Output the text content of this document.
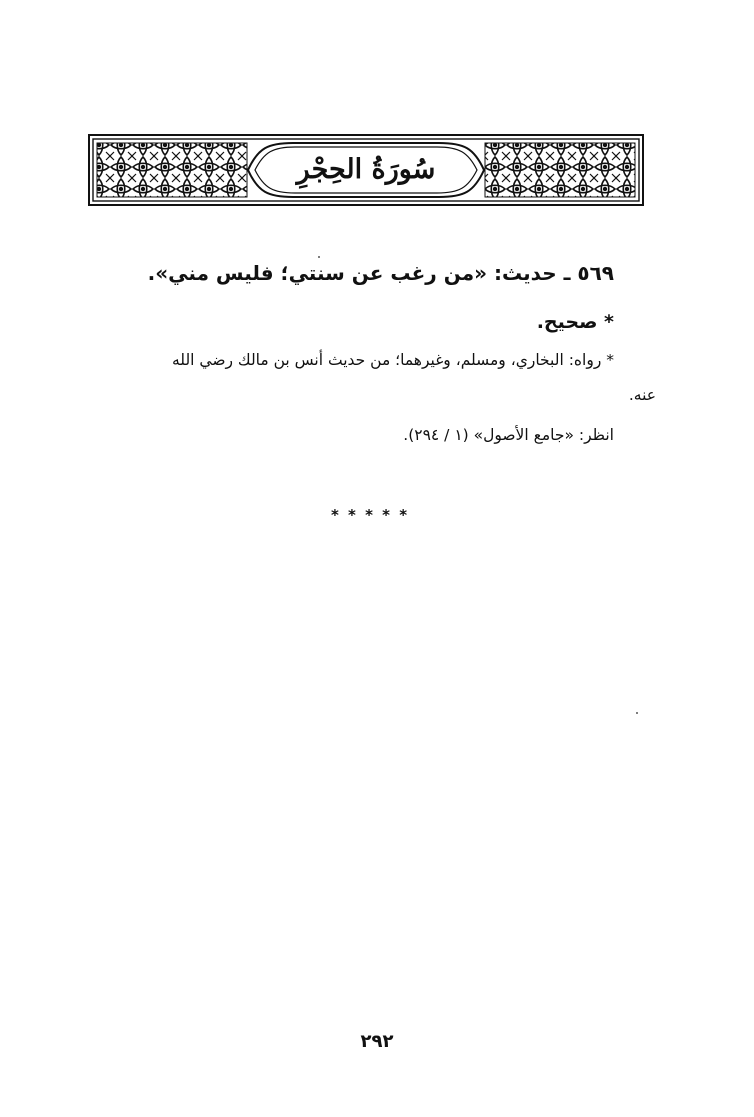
سُورَةُ الحِجْرِ
٥٦٩ ـ حديث: «من رغب عن سنتي؛ فليس مني».
* صحيح.
* رواه: البخاري، ومسلم، وغيرهما؛ من حديث أنس بن مالك رضي الله
عنه.
انظر: «جامع الأصول» (١ / ٢٩٤).
* * * * *
٢٩٢
